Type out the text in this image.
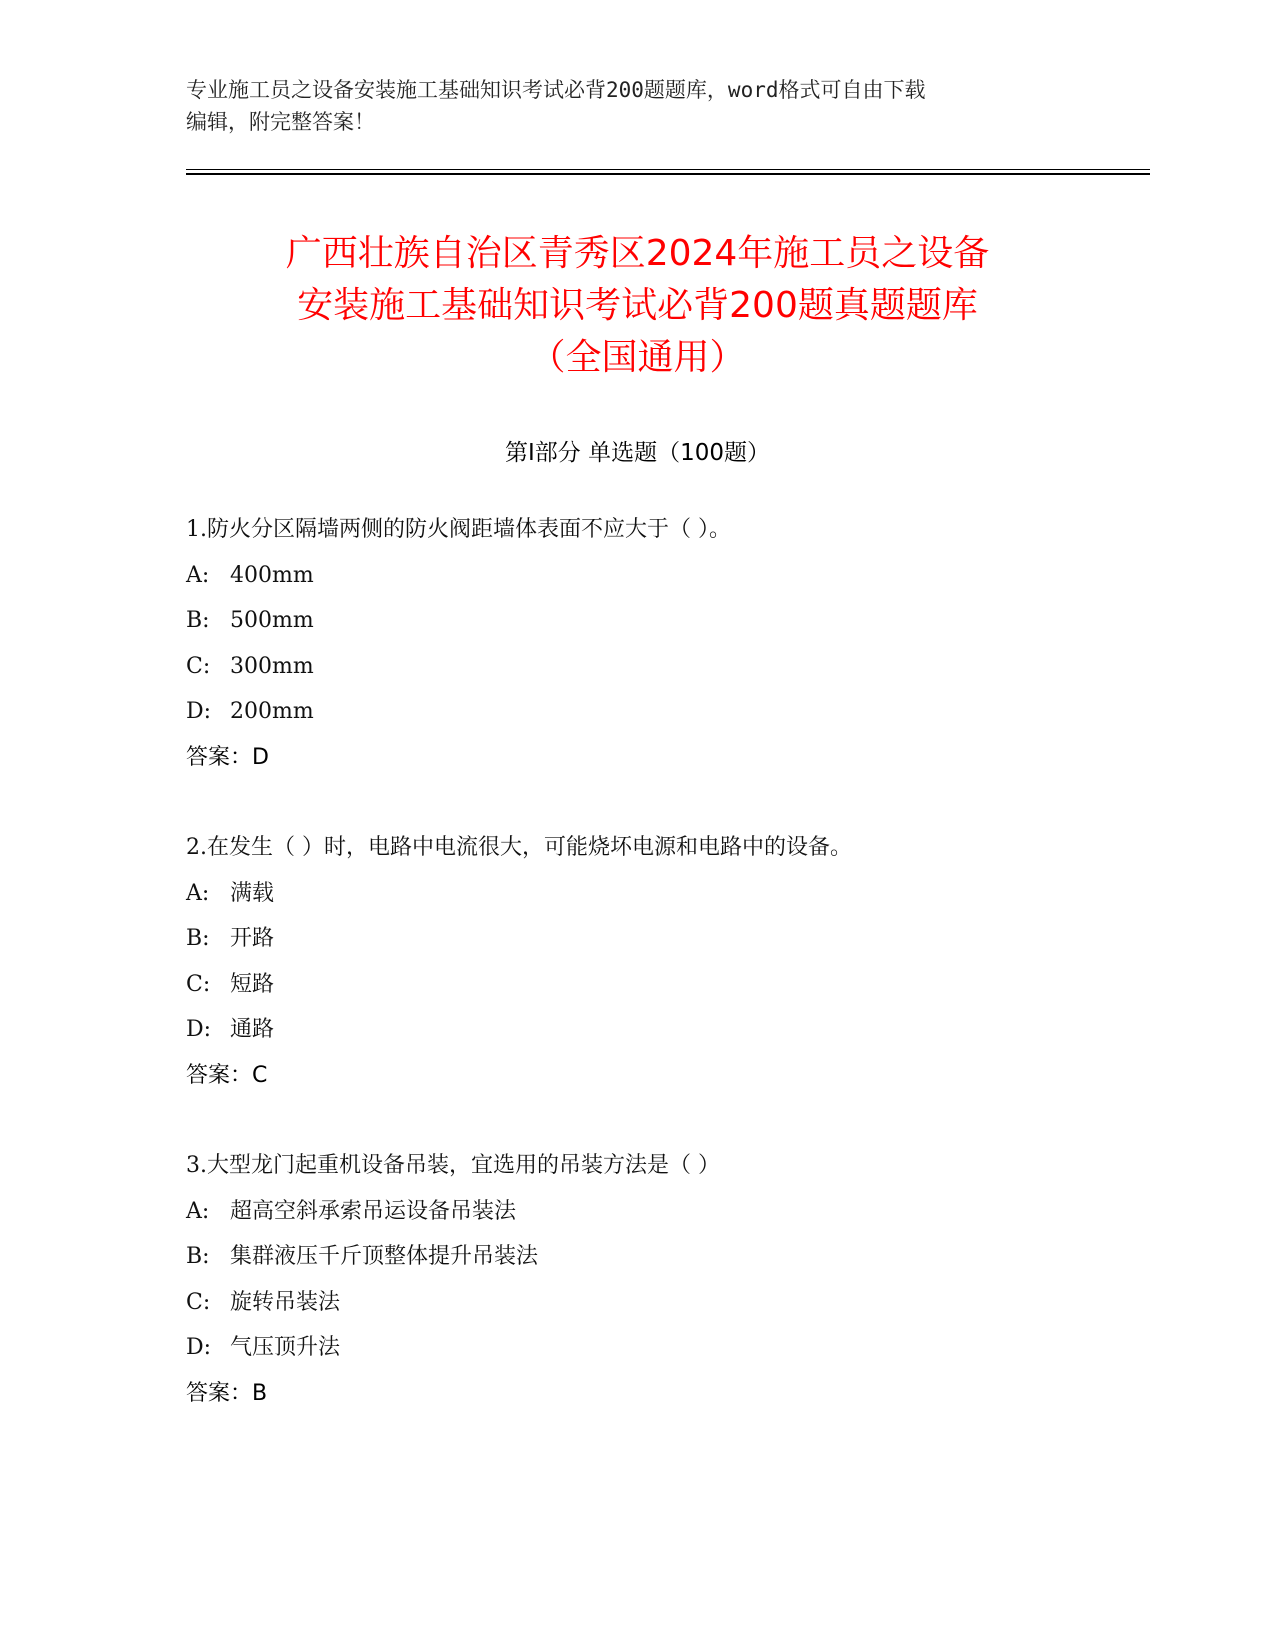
专业施工员之设备安装施工基础知识考试必背200题题库，word格式可自由下载
编辑，附完整答案！
广西壮族自治区青秀区2024年施工员之设备
安装施工基础知识考试必背200题真题题库
（全国通用）
第I部分 单选题（100题）
1.防火分区隔墙两侧的防火阀距墙体表面不应大于（ ）。
A: 400mm
B: 500mm
C: 300mm
D: 200mm
答案：D
2.在发生（ ）时，电路中电流很大，可能烧坏电源和电路中的设备。
A: 满载
B: 开路
C: 短路
D: 通路
答案：C
3.大型龙门起重机设备吊装，宜选用的吊装方法是（ ）
A: 超高空斜承索吊运设备吊装法
B: 集群液压千斤顶整体提升吊装法
C: 旋转吊装法
D: 气压顶升法
答案：B
